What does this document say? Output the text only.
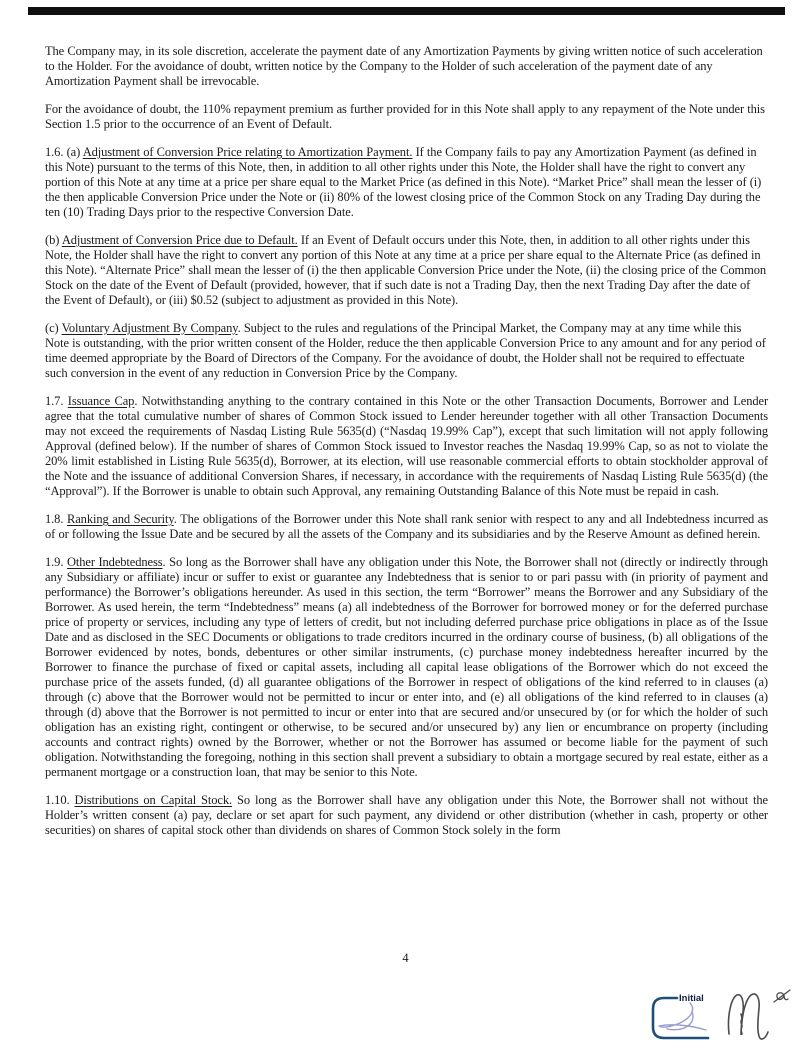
The Company may, in its sole discretion, accelerate the payment date of any Amortization Payments by giving written notice of such acceleration to the Holder. For the avoidance of doubt, written notice by the Company to the Holder of such acceleration of the payment date of any Amortization Payment shall be irrevocable.

For the avoidance of doubt, the 110% repayment premium as further provided for in this Note shall apply to any repayment of the Note under this Section 1.5 prior to the occurrence of an Event of Default.

1.6. (a) Adjustment of Conversion Price relating to Amortization Payment. If the Company fails to pay any Amortization Payment (as defined in this Note) pursuant to the terms of this Note, then, in addition to all other rights under this Note, the Holder shall have the right to convert any portion of this Note at any time at a price per share equal to the Market Price (as defined in this Note). “Market Price” shall mean the lesser of (i) the then applicable Conversion Price under the Note or (ii) 80% of the lowest closing price of the Common Stock on any Trading Day during the ten (10) Trading Days prior to the respective Conversion Date.

(b) Adjustment of Conversion Price due to Default. If an Event of Default occurs under this Note, then, in addition to all other rights under this Note, the Holder shall have the right to convert any portion of this Note at any time at a price per share equal to the Alternate Price (as defined in this Note). “Alternate Price” shall mean the lesser of (i) the then applicable Conversion Price under the Note, (ii) the closing price of the Common Stock on the date of the Event of Default (provided, however, that if such date is not a Trading Day, then the next Trading Day after the date of the Event of Default), or (iii) $0.52 (subject to adjustment as provided in this Note).

(c) Voluntary Adjustment By Company. Subject to the rules and regulations of the Principal Market, the Company may at any time while this Note is outstanding, with the prior written consent of the Holder, reduce the then applicable Conversion Price to any amount and for any period of time deemed appropriate by the Board of Directors of the Company. For the avoidance of doubt, the Holder shall not be required to effectuate such conversion in the event of any reduction in Conversion Price by the Company.

1.7. Issuance Cap. Notwithstanding anything to the contrary contained in this Note or the other Transaction Documents, Borrower and Lender agree that the total cumulative number of shares of Common Stock issued to Lender hereunder together with all other Transaction Documents may not exceed the requirements of Nasdaq Listing Rule 5635(d) (“Nasdaq 19.99% Cap”), except that such limitation will not apply following Approval (defined below). If the number of shares of Common Stock issued to Investor reaches the Nasdaq 19.99% Cap, so as not to violate the 20% limit established in Listing Rule 5635(d), Borrower, at its election, will use reasonable commercial efforts to obtain stockholder approval of the Note and the issuance of additional Conversion Shares, if necessary, in accordance with the requirements of Nasdaq Listing Rule 5635(d) (the “Approval”). If the Borrower is unable to obtain such Approval, any remaining Outstanding Balance of this Note must be repaid in cash.

1.8. Ranking and Security. The obligations of the Borrower under this Note shall rank senior with respect to any and all Indebtedness incurred as of or following the Issue Date and be secured by all the assets of the Company and its subsidiaries and by the Reserve Amount as defined herein.

1.9. Other Indebtedness. So long as the Borrower shall have any obligation under this Note, the Borrower shall not (directly or indirectly through any Subsidiary or affiliate) incur or suffer to exist or guarantee any Indebtedness that is senior to or pari passu with (in priority of payment and performance) the Borrower’s obligations hereunder. As used in this section, the term “Borrower” means the Borrower and any Subsidiary of the Borrower. As used herein, the term “Indebtedness” means (a) all indebtedness of the Borrower for borrowed money or for the deferred purchase price of property or services, including any type of letters of credit, but not including deferred purchase price obligations in place as of the Issue Date and as disclosed in the SEC Documents or obligations to trade creditors incurred in the ordinary course of business, (b) all obligations of the Borrower evidenced by notes, bonds, debentures or other similar instruments, (c) purchase money indebtedness hereafter incurred by the Borrower to finance the purchase of fixed or capital assets, including all capital lease obligations of the Borrower which do not exceed the purchase price of the assets funded, (d) all guarantee obligations of the Borrower in respect of obligations of the kind referred to in clauses (a) through (c) above that the Borrower would not be permitted to incur or enter into, and (e) all obligations of the kind referred to in clauses (a) through (d) above that the Borrower is not permitted to incur or enter into that are secured and/or unsecured by (or for which the holder of such obligation has an existing right, contingent or otherwise, to be secured and/or unsecured by) any lien or encumbrance on property (including accounts and contract rights) owned by the Borrower, whether or not the Borrower has assumed or become liable for the payment of such obligation. Notwithstanding the foregoing, nothing in this section shall prevent a subsidiary to obtain a mortgage secured by real estate, either as a permanent mortgage or a construction loan, that may be senior to this Note.

1.10. Distributions on Capital Stock. So long as the Borrower shall have any obligation under this Note, the Borrower shall not without the Holder’s written consent (a) pay, declare or set apart for such payment, any dividend or other distribution (whether in cash, property or other securities) on shares of capital stock other than dividends on shares of Common Stock solely in the form

4
Initial
